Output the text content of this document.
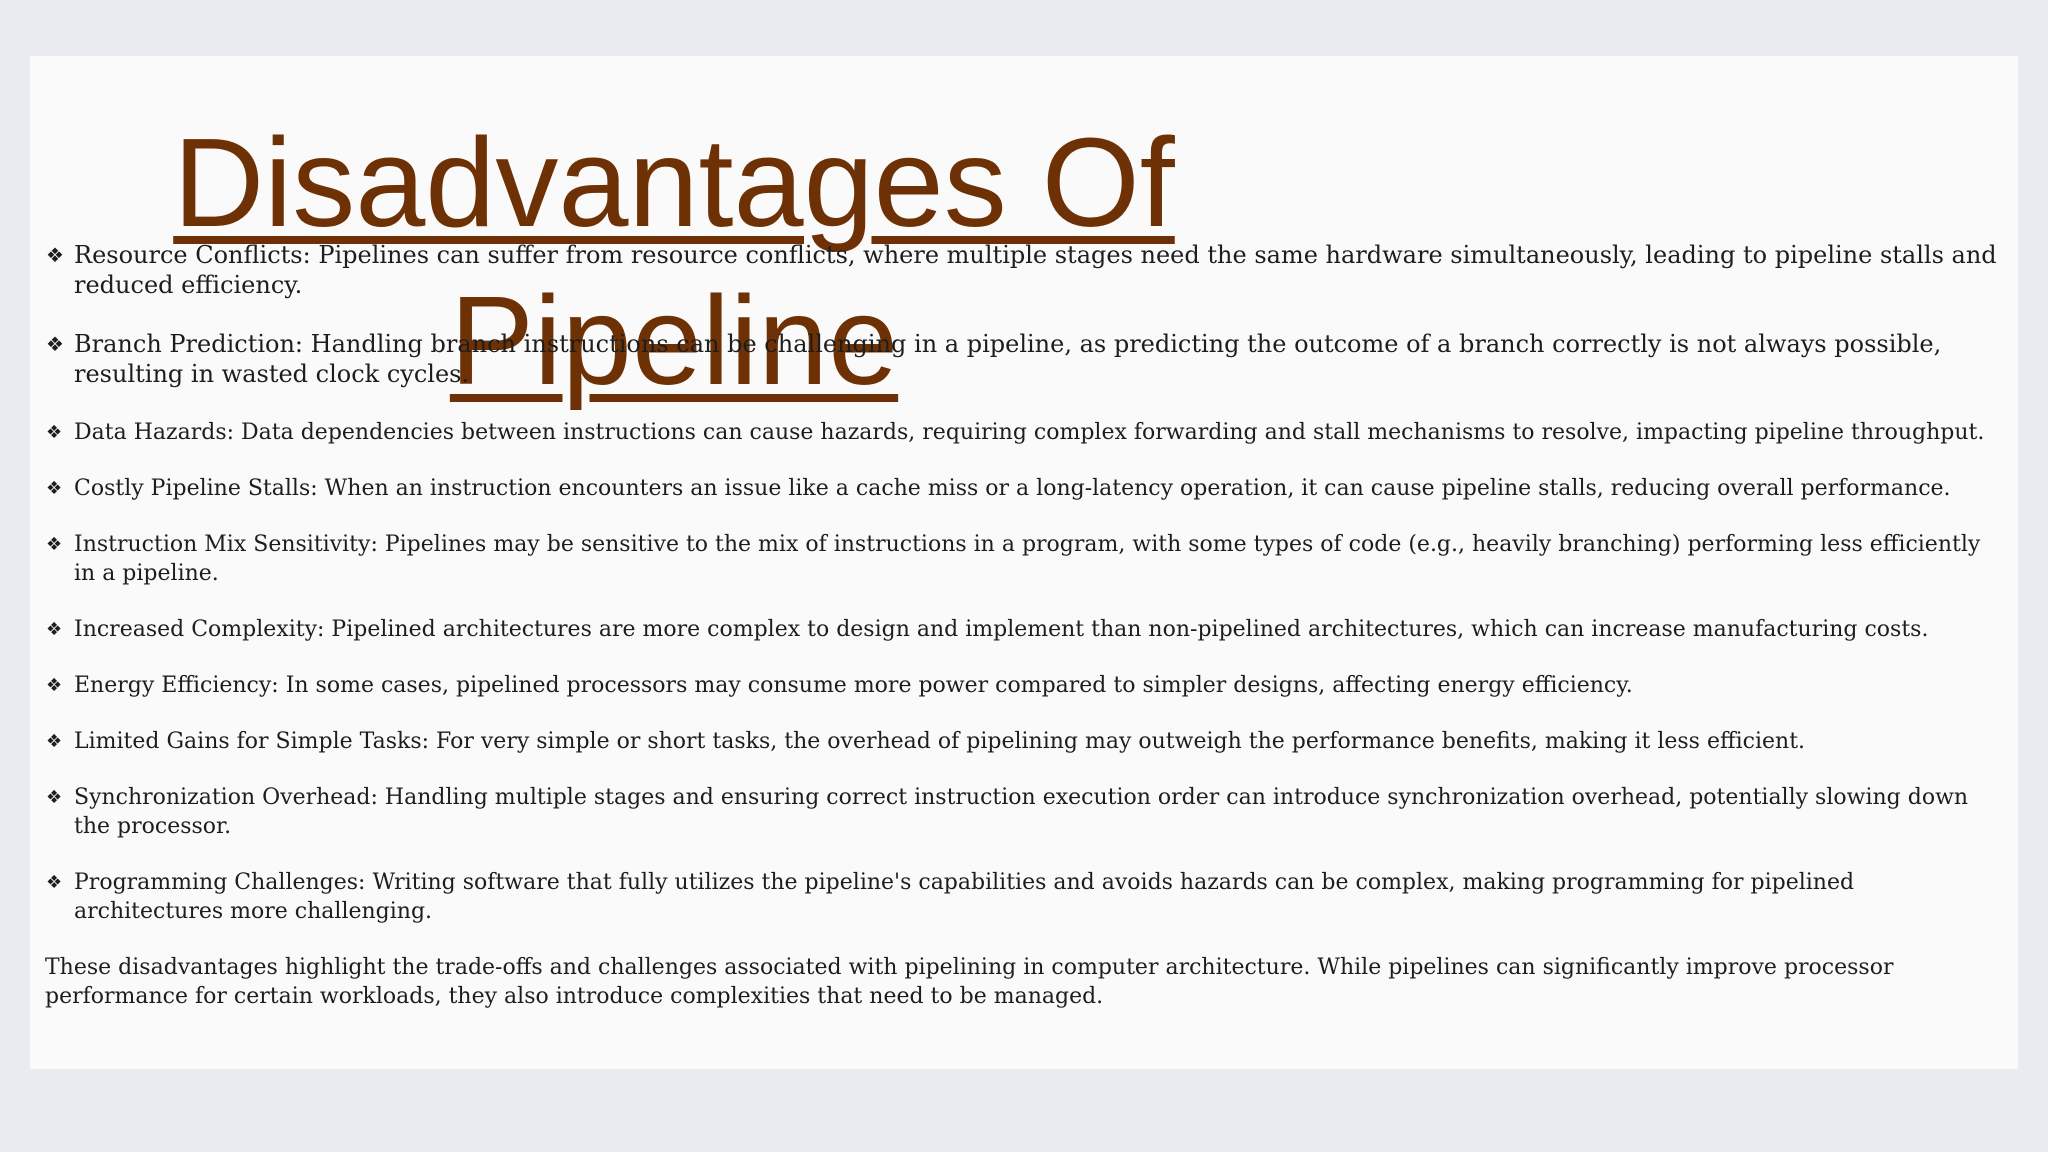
Disadvantages Of Pipeline
❖ Resource Conflicts: Pipelines can suffer from resource conflicts, where multiple stages need the same hardware simultaneously, leading to pipeline stalls and reduced efficiency.
❖ Branch Prediction: Handling branch instructions can be challenging in a pipeline, as predicting the outcome of a branch correctly is not always possible, resulting in wasted clock cycles.
❖ Data Hazards: Data dependencies between instructions can cause hazards, requiring complex forwarding and stall mechanisms to resolve, impacting pipeline throughput.
❖ Costly Pipeline Stalls: When an instruction encounters an issue like a cache miss or a long-latency operation, it can cause pipeline stalls, reducing overall performance.
❖ Instruction Mix Sensitivity: Pipelines may be sensitive to the mix of instructions in a program, with some types of code (e.g., heavily branching) performing less efficiently in a pipeline.
❖ Increased Complexity: Pipelined architectures are more complex to design and implement than non-pipelined architectures, which can increase manufacturing costs.
❖ Energy Efficiency: In some cases, pipelined processors may consume more power compared to simpler designs, affecting energy efficiency.
❖ Limited Gains for Simple Tasks: For very simple or short tasks, the overhead of pipelining may outweigh the performance benefits, making it less efficient.
❖ Synchronization Overhead: Handling multiple stages and ensuring correct instruction execution order can introduce synchronization overhead, potentially slowing down the processor.
❖ Programming Challenges: Writing software that fully utilizes the pipeline's capabilities and avoids hazards can be complex, making programming for pipelined architectures more challenging.

These disadvantages highlight the trade-offs and challenges associated with pipelining in computer architecture. While pipelines can significantly improve processor performance for certain workloads, they also introduce complexities that need to be managed.
